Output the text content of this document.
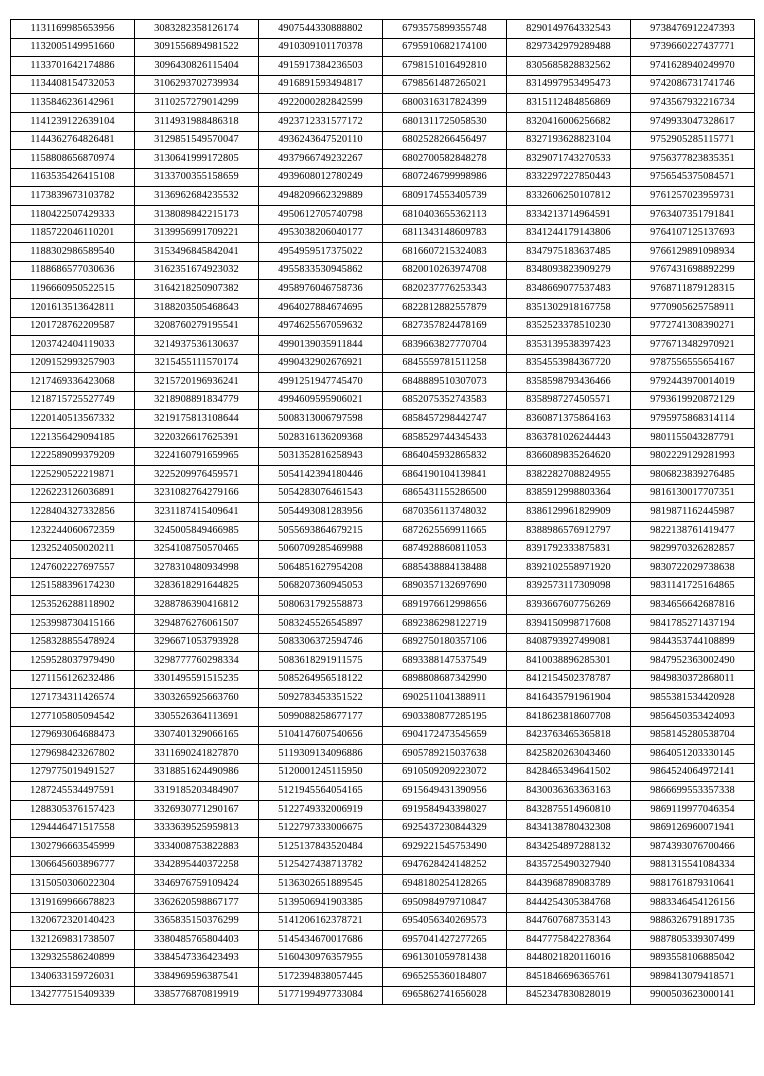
1131169985653956	3083282358126174	4907544330888802	6793575899355748	8290149764332543	9738476912247393
1132005149951660	3091556894981522	4910309101170378	6795910682174100	8297342979289488	9739660227437771
1133701642174886	3096430826115404	4915917384236503	6798151016492810	8305685828832562	9741628940249970
1134408154732053	3106293702739934	4916891593494817	6798561487265021	8314997953495473	9742086731741746
1135846236142961	3110257279014299	4922000282842599	6800316317824399	8315112484856869	9743567932216734
1141239122639104	3114931988486318	4923712331577172	6801311725058530	8320416006256682	9749933047328617
1144362764826481	3129851549570047	4936243647520110	6802528266456497	8327193628823104	9752905285115771
1158808656870974	3130641999172805	4937966749232267	6802700582848278	8329071743270533	9756377823835351
1163535426415108	3133700355158659	4939608012780249	6807246799998986	8332297227850443	9756545375084571
1173839673103782	3136962684235532	4948209662329889	6809174553405739	8332606250107812	9761257023959731
1180422507429333	3138089842215173	4950612705740798	6810403655362113	8334213714964591	9763407351791841
1185722046110201	3139956991709221	4953038206040177	6811343148609783	8341244179143806	9764107125137693
1188302986589540	3153496845842041	4954959517375022	6816607215324083	8347975183637485	9766129891098934
1188686577030636	3162351674923032	4955833530945862	6820010263974708	8348093823909279	9767431698892299
1196660950522515	3164218250907382	4958976046758736	6820237776253343	8348669077537483	9768711879128315
1201613513642811	3188203505468643	4964027884674695	6822812882557879	8351302918167758	9770905625758911
1201728762209587	3208760279195541	4974625567059632	6827357824478169	8352523378510230	9772741308390271
1203742404119033	3214937536130637	4990139035911844	6839663827770704	8353139538397423	9776713482970921
1209152993257903	3215455111570174	4990432902676921	6845559781511258	8354553984367720	9787556555654167
1217469336423068	3215720196936241	4991251947745470	6848889510307073	8358598793436466	9792443970014019
1218715725527749	3218908891834779	4994609595906021	6852075352743583	8358987274505571	9793619920872129
1220140513567332	3219175813108644	5008313006797598	6858457298442747	8360871375864163	9795975868314114
1221356429094185	3220326617625391	5028316136209368	6858529744345433	8363781026244443	9801155043287791
1222589099379209	3224160791659965	5031352816258943	6864045932865832	8366089835264620	9802229129281993
1225290522219871	3225209976459571	5054142394180446	6864190104139841	8382282708824955	9806823839276485
1226223126036891	3231082764279166	5054283076461543	6865431155286500	8385912998803364	9816130017707351
1228404327332856	3231187415409641	5054493081283956	6870356113748032	8386129961829909	9819871162445987
1232244060672359	3245005849466985	5055693864679215	6872625569911665	8388986576912797	9822138761419477
1232524050020211	3254108750570465	5060709285469988	6874928860811053	8391792333875831	9829970326282857
1247602227697557	3278310480934998	5064851627954208	6885438884138488	8392102558971920	9830722029738638
1251588396174230	3283618291644825	5068207360945053	6890357132697690	8392573117309098	9831141725164865
1253526288118902	3288786390416812	5080631792558873	6891976612998656	8393667607756269	9834656642687816
1253998730415166	3294876276061507	5083245526545897	6892386298122719	8394150998717608	9841785271437194
1258328855478924	3296671053793928	5083306372594746	6892750180357106	8408793927499081	9844353744108899
1259528037979490	3298777760298334	5083618291911575	6893388147537549	8410038896285301	9847952363002490
1271156126232486	3301495591515235	5085264956518122	6898808687342990	8412154502378787	9849830372868011
1271734311426574	3303265925663760	5092783453351522	6902511041388911	8416435791961904	9855381534420928
1277105805094542	3305526364113691	5099088258677177	6903380877285195	8418623818607708	9856450353424093
1279693064688473	3307401329066165	5104147607540656	6904172473545659	8423763465365818	9858145280538704
1279698423267802	3311690241827870	5119309134096886	6905789215037638	8425820263043460	9864051203330145
1279775019491527	3318851624490986	5120001245115950	6910509209223072	8428465349641502	9864524064972141
1287245534497591	3319185203484907	5121945564054165	6915649431390956	8430036363363163	9866699553357338
1288305376157423	3326930771290167	5122749332006919	6919584943398027	8432875514960810	9869119977046354
1294446471517558	3333639525959813	5122797333006675	6925437230844329	8434138780432308	9869126960071941
1302796663545999	3334008753822883	5125137843520484	6929221545753490	8434254897288132	9874393076700466
1306645603896777	3342895440372258	5125427438713782	6947628424148252	8435725490327940	9881315541084334
1315050306022304	3346976759109424	5136302651889545	6948180254128265	8443968789083789	9881761879310641
1319169966678823	3362620598867177	5139506941903385	6950984979710847	8444254305384768	9883346454126156
1320672320140423	3365835150376299	5141206162378721	6954056340269573	8447607687353143	9886326791891735
1321269831738507	3380485765804403	5145434670017686	6957041427277265	8447775842278364	9887805339307499
1329325586240899	3384547336423493	5160430976357955	6961301059781438	8448021820116016	9893558106885042
1340633159726031	3384969596387541	5172394838057445	6965255360184807	8451846696365761	9898413079418571
1342777515409339	3385776870819919	5177199497733084	6965862741656028	8452347830828019	9900503623000141
